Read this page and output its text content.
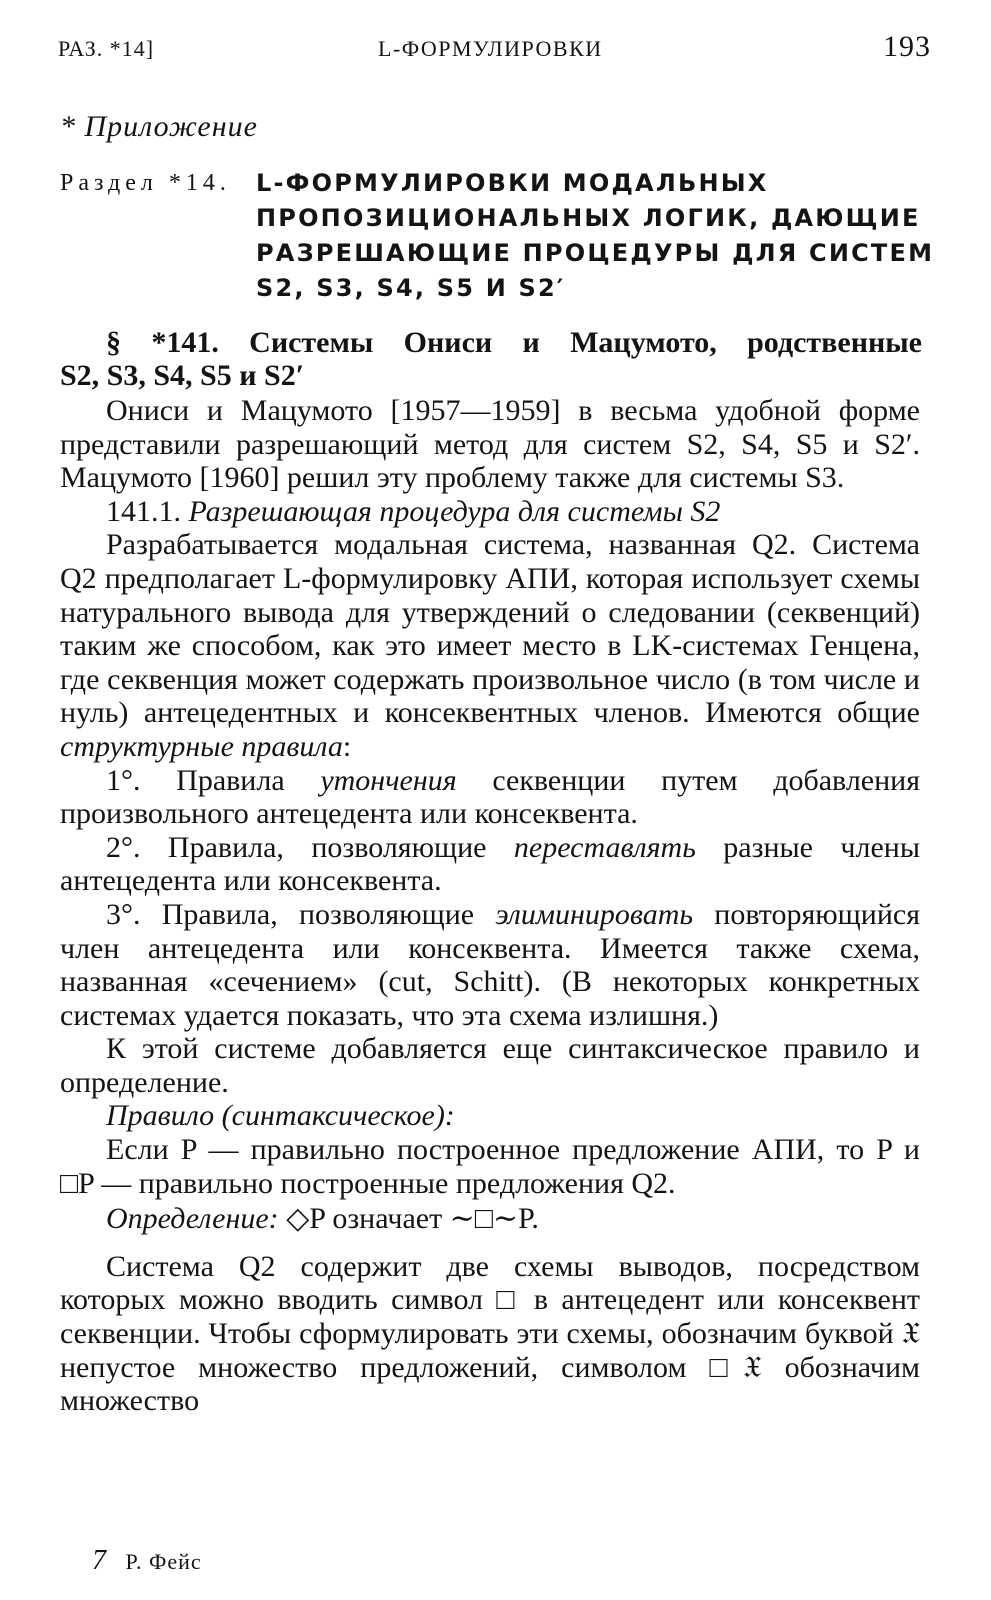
РАЗ. *14]	L-ФОРМУЛИРОВКИ	193
* Приложение
Раздел *14. L-ФОРМУЛИРОВКИ МОДАЛЬНЫХ
ПРОПОЗИЦИОНАЛЬНЫХ ЛОГИК, ДАЮЩИЕ
РАЗРЕШАЮЩИЕ ПРОЦЕДУРЫ ДЛЯ СИСТЕМ
S2, S3, S4, S5 И S2′
§ *141. Системы Ониси и Мацумото, родственные
S2, S3, S4, S5 и S2′

Ониси и Мацумото [1957—1959] в весьма удобной форме представили разрешающий метод для систем S2, S4, S5 и S2′. Мацумото [1960] решил эту проблему также для системы S3.

141.1. Разрешающая процедура для системы S2

Разрабатывается модальная система, названная Q2. Система Q2 предполагает L-формулировку АПИ, которая использует схемы натурального вывода для утверждений о следовании (секвенций) таким же способом, как это имеет место в LK-системах Генцена, где секвенция может содержать произвольное число (в том числе и нуль) антецедентных и консеквентных членов. Имеются общие структурные правила:

1°. Правила утончения секвенции путем добавления произвольного антецедента или консеквента.

2°. Правила, позволяющие переставлять разные члены антецедента или консеквента.

3°. Правила, позволяющие элиминировать повторяющийся член антецедента или консеквента. Имеется также схема, названная «сечением» (cut, Schitt). (В некоторых конкретных системах удается показать, что эта схема излишня.)

К этой системе добавляется еще синтаксическое правило и определение.

Правило (синтаксическое):

Если P — правильно построенное предложение АПИ, то P и □P — правильно построенные предложения Q2.

Определение: ◇P означает ∼□∼P.

Система Q2 содержит две схемы выводов, посредством которых можно вводить символ □ в антецедент или консеквент секвенции. Чтобы сформулировать эти схемы, обозначим буквой 𝔛 непустое множество предложений, символом □𝔛 обозначим множество

7 Р. Фейс
